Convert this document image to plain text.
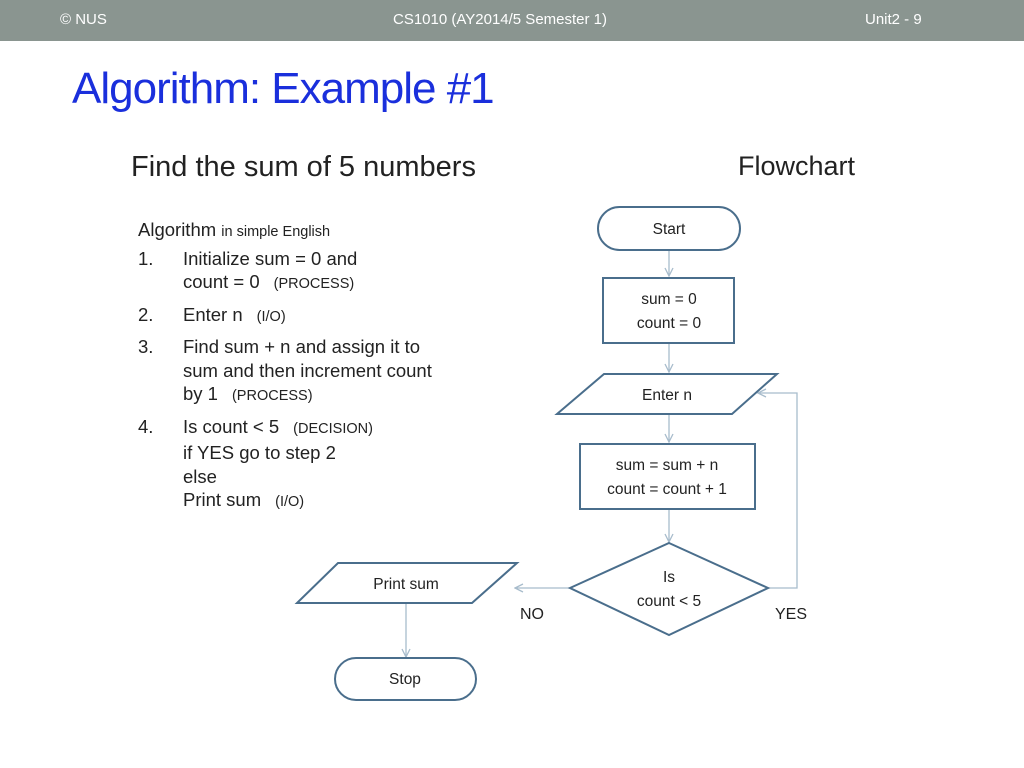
© NUS	CS1010 (AY2014/5 Semester 1)	Unit2 - 9
Algorithm: Example #1
Find the sum of 5 numbers	Flowchart
Algorithm in simple English
1. Initialize sum = 0 and
count = 0 (PROCESS)
2. Enter n (I/O)
3. Find sum + n and assign it to
sum and then increment count
by 1 (PROCESS)
4. Is count < 5 (DECISION)
if YES go to step 2
else
Print sum (I/O)
Start
sum = 0
count = 0
Enter n
sum = sum + n
count = count + 1
Is
count < 5
Print sum
Stop
NO	YES
